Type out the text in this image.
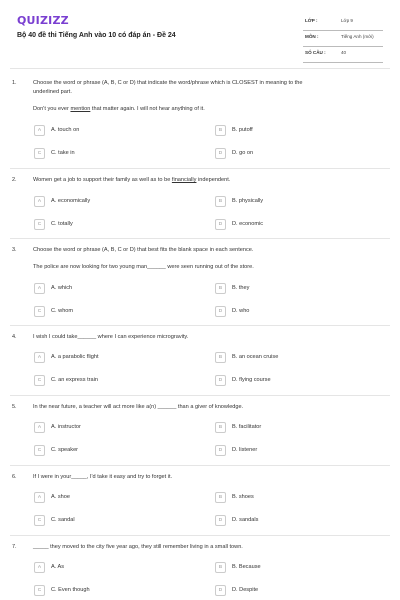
QUIZIZZ
Bộ 40 đề thi Tiếng Anh vào 10 có đáp án - Đề 24
LỚP :	Lớp 9
MÔN :	Tiếng Anh (mới)
SỐ CÂU :	40
1.	Choose the word or phrase (A, B, C or D) that indicate the word/phrase which is CLOSEST in meaning to the
underlined part.
Don't you ever mention that matter again. I will not hear anything of it.
A	A. touch on	B	B. putoff
C	C. take in	D	D. go on
2.	Women get a job to support their family as well as to be financially independent.
A	A. economically	B	B. physically
C	C. totally	D	D. economic
3.	Choose the word or phrase (A, B, C or D) that best fits the blank space in each sentence.
The police are now looking for two young man______ were seen running out of the store.
A	A. which	B	B. they
C	C. whom	D	D. who
4.	I wish I could take______ where I can experience microgravity.
A	A. a parabolic flight	B	B. an ocean cruise
C	C. an express train	D	D. flying course
5.	In the near future, a teacher will act more like a(n) ______ than a giver of knowledge.
A	A. instructor	B	B. facilitator
C	C. speaker	D	D. listener
6.	If I were in your_____, I'd take it easy and try to forget it.
A	A. shoe	B	B. shoes
C	C. sandal	D	D. sandals
7.	_____ they moved to the city five year ago, they still remember living in a small town.
A	A. As	B	B. Because
C	C. Even though	D	D. Despite
